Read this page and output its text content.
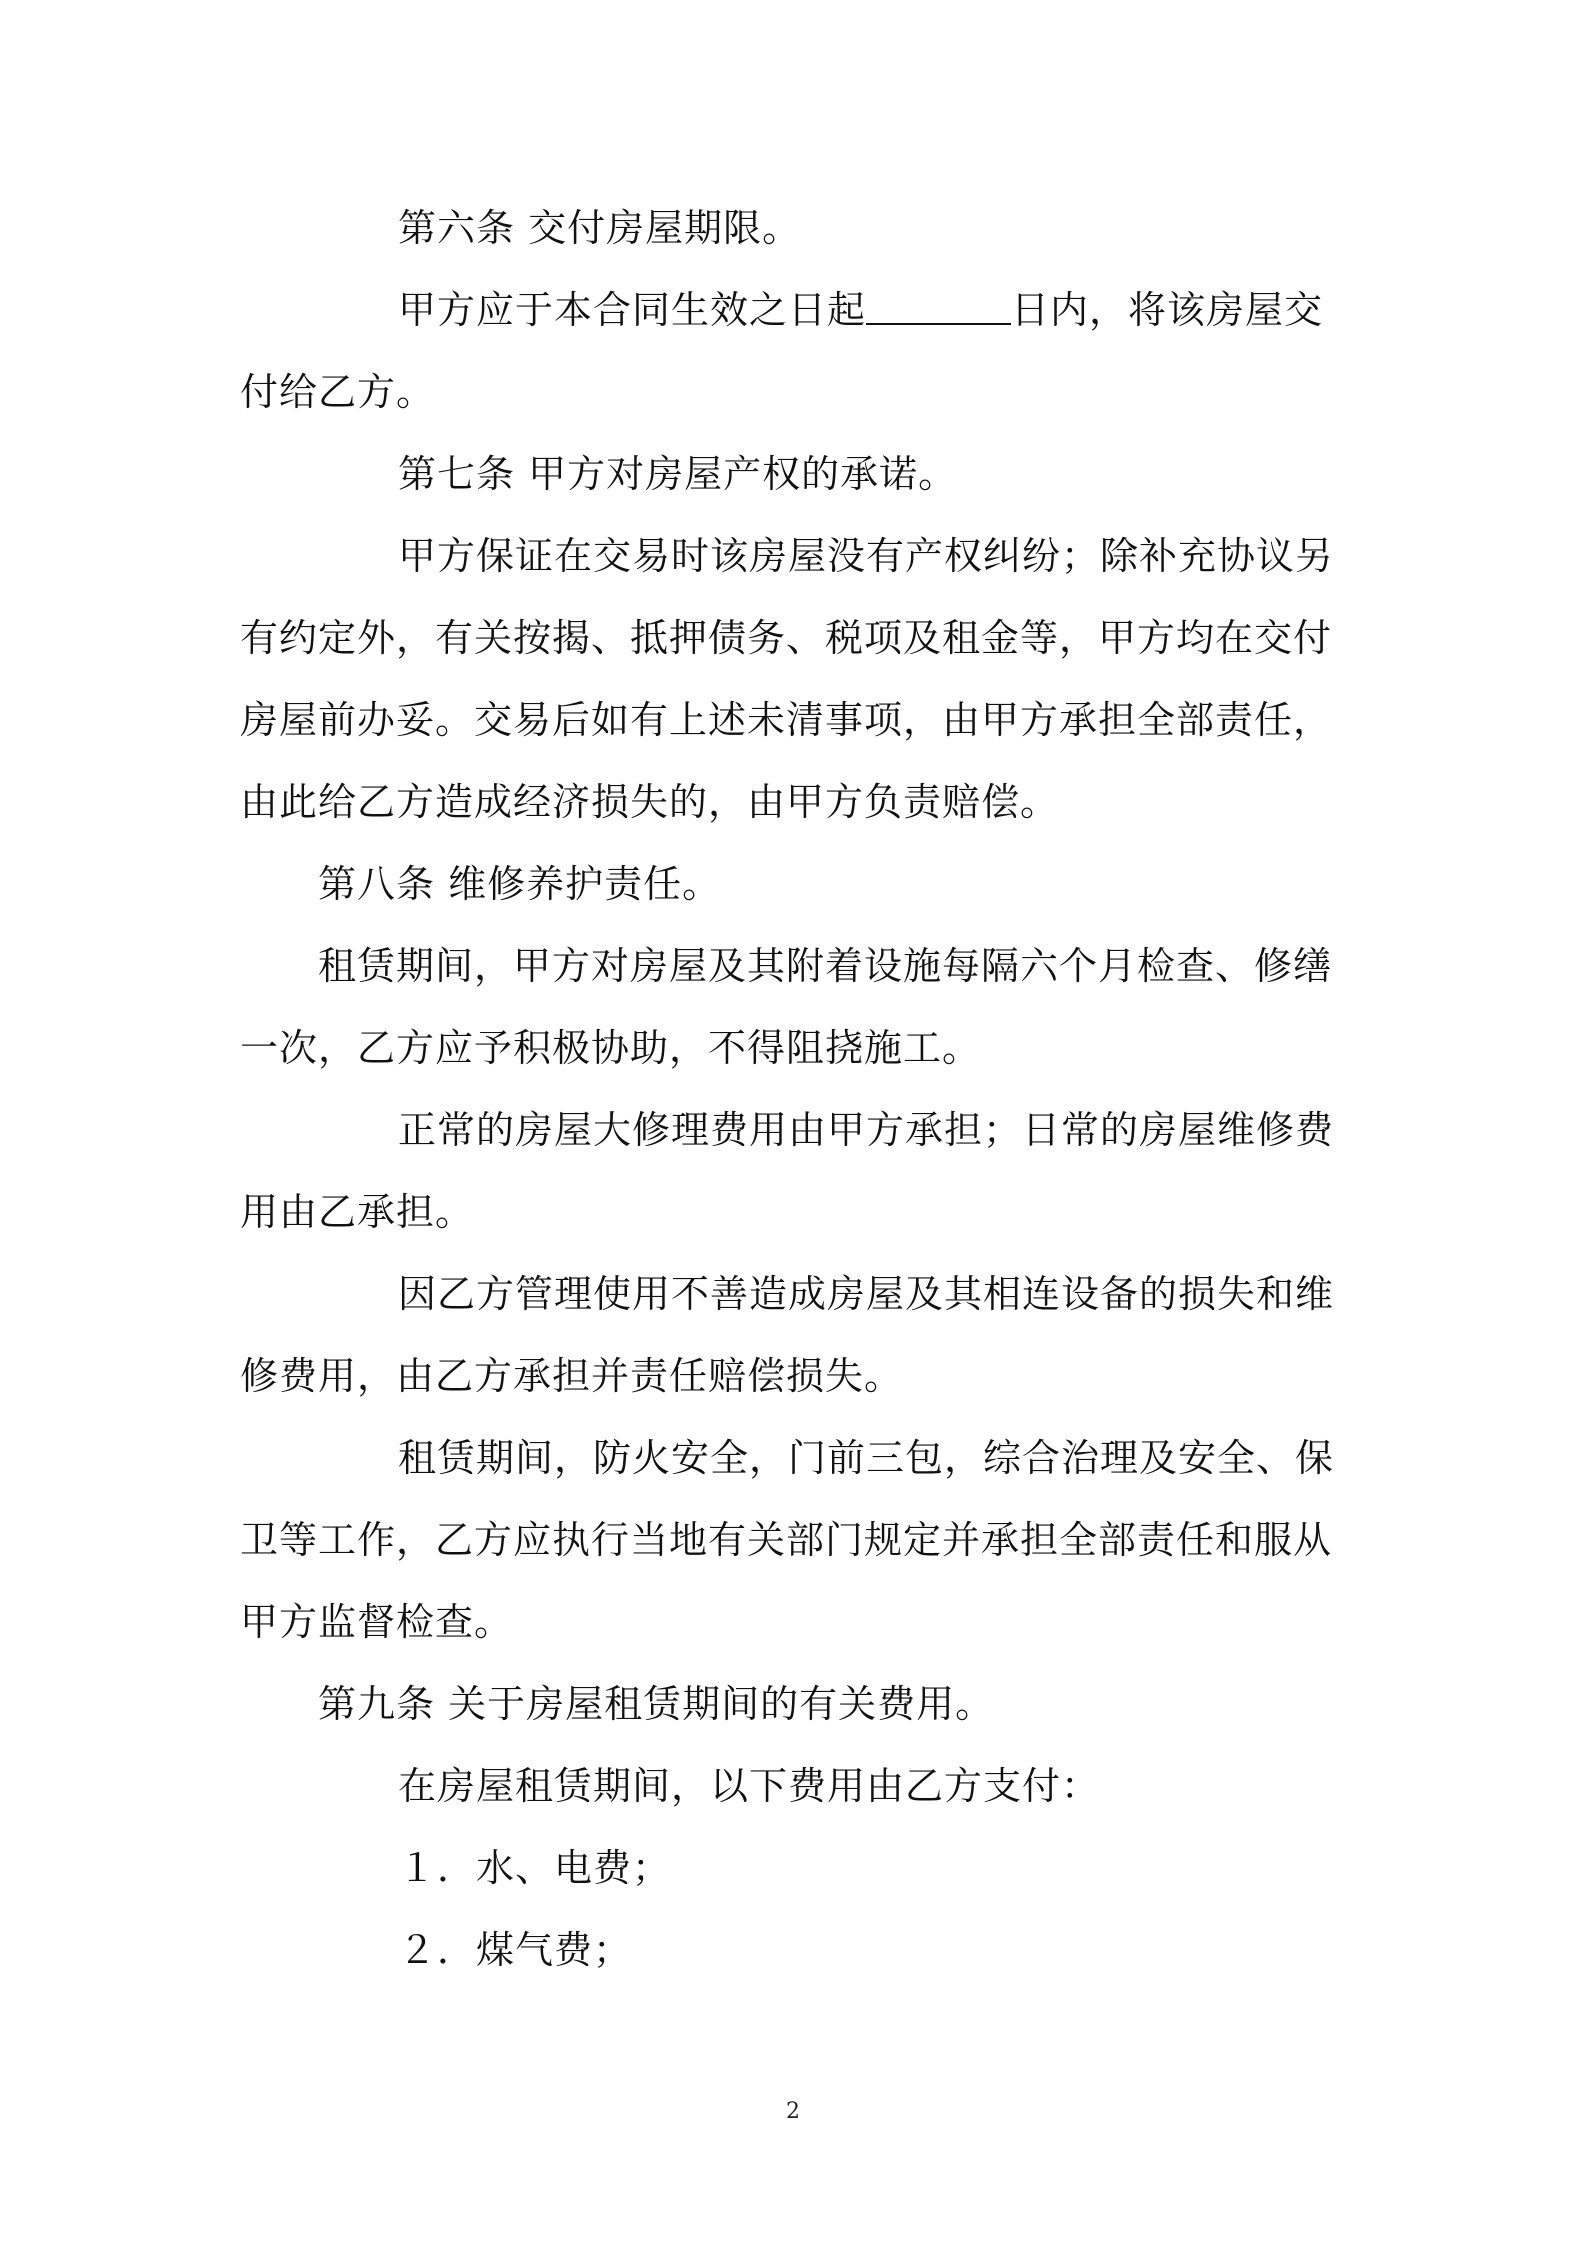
第六条 交付房屋期限。
甲方应于本合同生效之日起	日内，将该房屋交
付给乙方。
第七条 甲方对房屋产权的承诺。
甲方保证在交易时该房屋没有产权纠纷；除补充协议另
有约定外，有关按揭、抵押债务、税项及租金等，甲方均在交付
房屋前办妥。交易后如有上述未清事项，由甲方承担全部责任，
由此给乙方造成经济损失的，由甲方负责赔偿。
第八条 维修养护责任。
租赁期间，甲方对房屋及其附着设施每隔六个月检查、修缮
一次，乙方应予积极协助，不得阻挠施工。
正常的房屋大修理费用由甲方承担；日常的房屋维修费
用由乙承担。
因乙方管理使用不善造成房屋及其相连设备的损失和维
修费用，由乙方承担并责任赔偿损失。
租赁期间，防火安全，门前三包，综合治理及安全、保
卫等工作，乙方应执行当地有关部门规定并承担全部责任和服从
甲方监督检查。
第九条 关于房屋租赁期间的有关费用。
在房屋租赁期间，以下费用由乙方支付：
１．水、电费；
２．煤气费；
2
